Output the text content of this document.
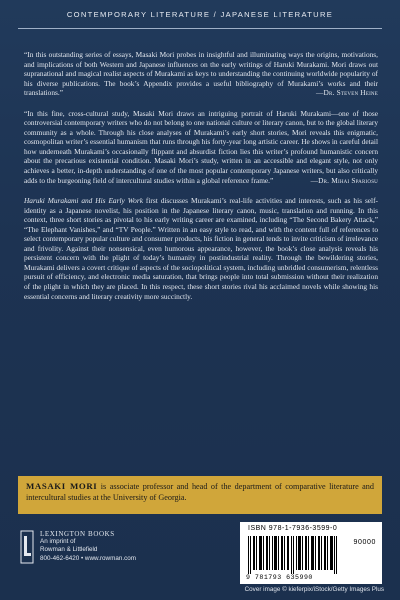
CONTEMPORARY LITERATURE / JAPANESE LITERATURE

“In this outstanding series of essays, Masaki Mori probes in insightful and illuminating ways the origins, motivations, and implications of both Western and Japanese influences on the early writings of Haruki Murakami. Mori draws out supranational and magical realist aspects of Murakami as keys to understanding the continuing worldwide popularity of his diverse publications. The book’s Appendix provides a useful bibliography of Murakami’s works and their translations.”	—Dr. Steven Heine

“In this fine, cross-cultural study, Masaki Mori draws an intriguing portrait of Haruki Murakami—one of those controversial contemporary writers who do not belong to one national culture or literary canon, but to the global literary community as a whole. Through his close analyses of Murakami’s early short stories, Mori reveals this enigmatic, cosmopolitan writer’s essential humanism that runs through his forty-year long artistic career. He shows in careful detail how underneath Murakami’s occasionally flippant and absurdist fiction lies this writer’s profound humanistic concern about the precarious existential condition. Masaki Mori’s study, written in an accessible and elegant style, not only achieves a better, in-depth understanding of one of the most popular contemporary Japanese writers, but also critically adds to the burgeoning field of intercultural studies within a global reference frame.”	—Dr. Mihai Spariosu

Haruki Murakami and His Early Work first discusses Murakami’s real-life activities and interests, such as his self-identity as a Japanese novelist, his position in the Japanese literary canon, music, translation and running. In this context, three short stories as pivotal to his early writing career are examined, including “The Second Bakery Attack,” “The Elephant Vanishes,” and “TV People.” Written in an easy style to read, and with the content full of references to select contemporary popular culture and consumer products, his fiction in general tends to invite criticism of irrelevance and frivolity. Against their nonsensical, even humorous appearance, however, the book’s close analysis reveals his persistent concern with the plight of today’s humanity in postindustrial reality. Through the bewildering stories, Murakami delivers a covert critique of aspects of the sociopolitical system, including unbridled consumerism, relentless pursuit of efficiency, and electronic media saturation, that brings people into total submission without their realization of the plight in which they are placed. In this respect, these short stories rival his acclaimed novels while showing his essential concerns and literary creativity more succinctly.

MASAKI MORI is associate professor and head of the department of comparative literature and intercultural studies at the University of Georgia.
LEXINGTON BOOKS
An imprint of
Rowman & Littlefield
800-462-6420 • www.rowman.com
ISBN 978-1-7936-3599-0
90000
9 781793 635990
Cover image © kieferpix/iStock/Getty Images Plus
